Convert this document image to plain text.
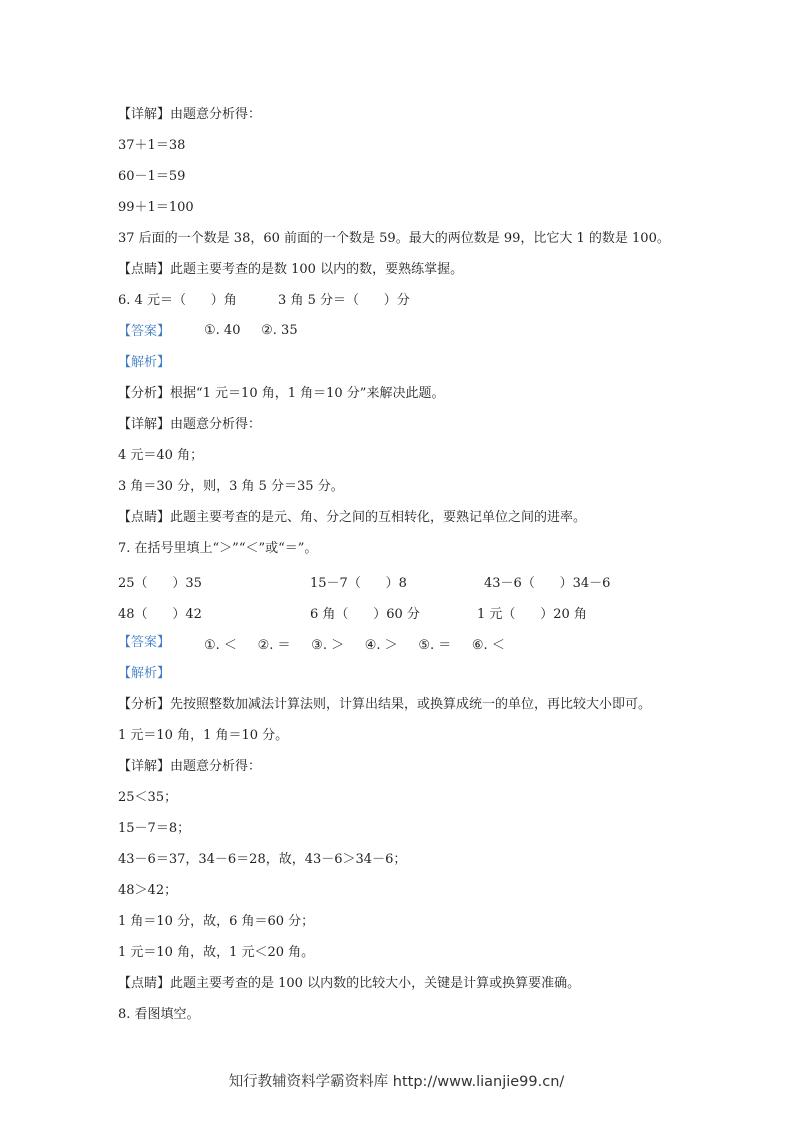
【详解】由题意分析得：
37＋1＝38
60－1＝59
99＋1＝100
37 后面的一个数是 38，60 前面的一个数是 59。最大的两位数是 99，比它大 1 的数是 100。
【点睛】此题主要考查的是数 100 以内的数，要熟练掌握。
6. 4 元＝（      ）角          3 角 5 分＝（      ）分
【答案】	①. 40     ②. 35
【解析】
【分析】根据“1 元＝10 角，1 角＝10 分”来解决此题。
【详解】由题意分析得：
4 元＝40 角；
3 角＝30 分，则，3 角 5 分＝35 分。
【点睛】此题主要考查的是元、角、分之间的互相转化，要熟记单位之间的进率。
7. 在括号里填上“＞”“＜”或“＝”。
25（      ）35	15－7（      ）8	43－6（      ）34－6
48（      ）42	6 角（      ）60 分	1 元（      ）20 角
【答案】	①. ＜     ②. ＝     ③. ＞     ④. ＞     ⑤. ＝     ⑥. ＜
【解析】
【分析】先按照整数加减法计算法则，计算出结果，或换算成统一的单位，再比较大小即可。
1 元＝10 角，1 角＝10 分。
【详解】由题意分析得：
25＜35；
15－7＝8；
43－6＝37，34－6＝28，故，43－6＞34－6；
48＞42；
1 角＝10 分，故，6 角＝60 分；
1 元＝10 角，故，1 元＜20 角。
【点睛】此题主要考查的是 100 以内数的比较大小，关键是计算或换算要准确。
8. 看图填空。
知行教辅资料学霸资料库 http://www.lianjie99.cn/
